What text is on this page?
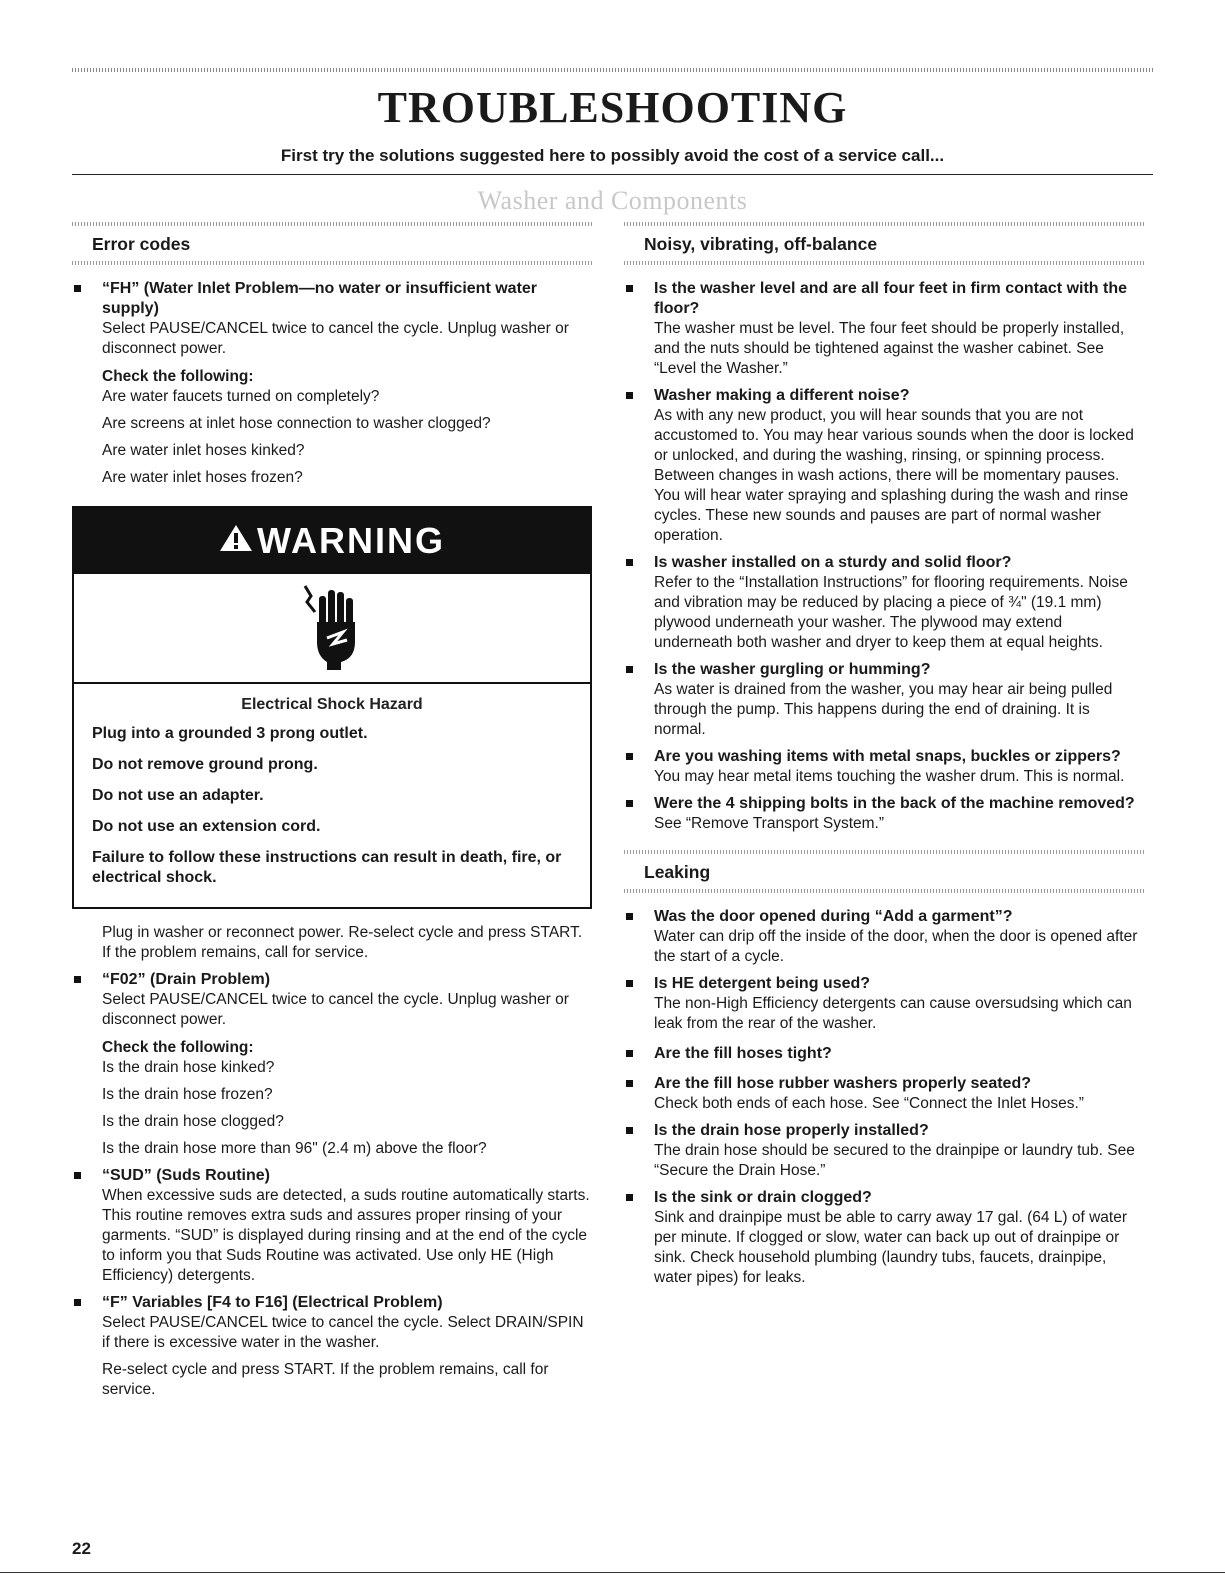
TROUBLESHOOTING

First try the solutions suggested here to possibly avoid the cost of a service call...

Washer and Components
Error codes
“FH” (Water Inlet Problem—no water or insufficient water supply)
Select PAUSE/CANCEL twice to cancel the cycle. Unplug washer or disconnect power.
Check the following:
Are water faucets turned on completely?
Are screens at inlet hose connection to washer clogged?
Are water inlet hoses kinked?
Are water inlet hoses frozen?
WARNING
Electrical Shock Hazard
Plug into a grounded 3 prong outlet.
Do not remove ground prong.
Do not use an adapter.
Do not use an extension cord.
Failure to follow these instructions can result in death, fire, or electrical shock.
Plug in washer or reconnect power. Re-select cycle and press START. If the problem remains, call for service.
“F02” (Drain Problem)
Select PAUSE/CANCEL twice to cancel the cycle. Unplug washer or disconnect power.
Check the following:
Is the drain hose kinked?
Is the drain hose frozen?
Is the drain hose clogged?
Is the drain hose more than 96" (2.4 m) above the floor?
“SUD” (Suds Routine)
When excessive suds are detected, a suds routine automatically starts. This routine removes extra suds and assures proper rinsing of your garments. “SUD” is displayed during rinsing and at the end of the cycle to inform you that Suds Routine was activated. Use only HE (High Efficiency) detergents.
“F” Variables [F4 to F16] (Electrical Problem)
Select PAUSE/CANCEL twice to cancel the cycle. Select DRAIN/SPIN if there is excessive water in the washer.
Re-select cycle and press START. If the problem remains, call for service.
Noisy, vibrating, off-balance
Is the washer level and are all four feet in firm contact with the floor?
The washer must be level. The four feet should be properly installed, and the nuts should be tightened against the washer cabinet. See “Level the Washer.”
Washer making a different noise?
As with any new product, you will hear sounds that you are not accustomed to. You may hear various sounds when the door is locked or unlocked, and during the washing, rinsing, or spinning process. Between changes in wash actions, there will be momentary pauses. You will hear water spraying and splashing during the wash and rinse cycles. These new sounds and pauses are part of normal washer operation.
Is washer installed on a sturdy and solid floor?
Refer to the “Installation Instructions” for flooring requirements. Noise and vibration may be reduced by placing a piece of ¾" (19.1 mm) plywood underneath your washer. The plywood may extend underneath both washer and dryer to keep them at equal heights.
Is the washer gurgling or humming?
As water is drained from the washer, you may hear air being pulled through the pump. This happens during the end of draining. It is normal.
Are you washing items with metal snaps, buckles or zippers?
You may hear metal items touching the washer drum. This is normal.
Were the 4 shipping bolts in the back of the machine removed?
See “Remove Transport System.”
Leaking
Was the door opened during “Add a garment”?
Water can drip off the inside of the door, when the door is opened after the start of a cycle.
Is HE detergent being used?
The non-High Efficiency detergents can cause oversudsing which can leak from the rear of the washer.
Are the fill hoses tight?
Are the fill hose rubber washers properly seated?
Check both ends of each hose. See “Connect the Inlet Hoses.”
Is the drain hose properly installed?
The drain hose should be secured to the drainpipe or laundry tub. See “Secure the Drain Hose.”
Is the sink or drain clogged?
Sink and drainpipe must be able to carry away 17 gal. (64 L) of water per minute. If clogged or slow, water can back up out of drainpipe or sink. Check household plumbing (laundry tubs, faucets, drainpipe, water pipes) for leaks.
22
